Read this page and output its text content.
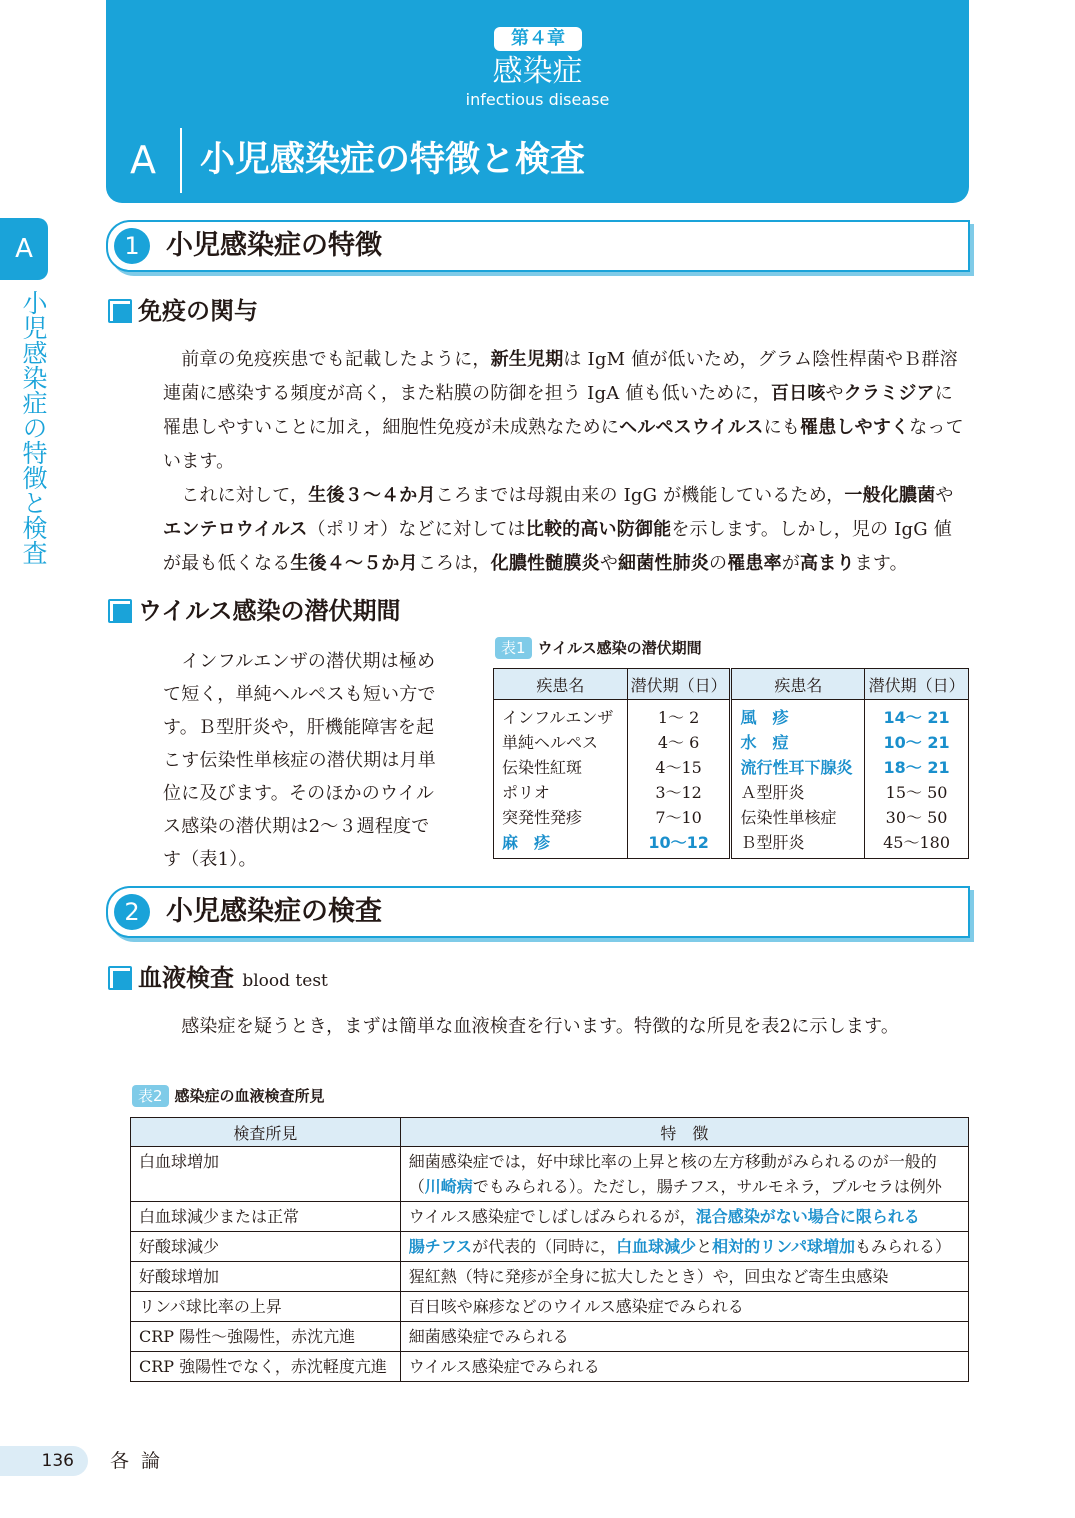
第４章
感染症
infectious disease
A	小児感染症の特徴と検査
A
小児感染症の特徴と検査
1 小児感染症の特徴
免疫の関与
　前章の免疫疾患でも記載したように，新生児期は IgM 値が低いため，グラム陰性桿菌やＢ群溶連菌に感染する頻度が高く，また粘膜の防御を担う IgA 値も低いために，百日咳やクラミジアに罹患しやすいことに加え，細胞性免疫が未成熟なためにヘルペスウイルスにも罹患しやすくなっています。
　これに対して，生後３～４か月ころまでは母親由来の IgG が機能しているため，一般化膿菌やエンテロウイルス（ポリオ）などに対しては比較的高い防御能を示します。しかし，児の IgG 値が最も低くなる生後４～５か月ころは，化膿性髄膜炎や細菌性肺炎の罹患率が高まります。
ウイルス感染の潜伏期間
　インフルエンザの潜伏期は極めて短く，単純ヘルペスも短い方です。Ｂ型肝炎や，肝機能障害を起こす伝染性単核症の潜伏期は月単位に及びます。そのほかのウイルス感染の潜伏期は2～３週程度です（表1）。
表1 ウイルス感染の潜伏期間
疾患名	潜伏期（日）	疾患名	潜伏期（日）
インフルエンザ	1～ 2	風　疹	14～ 21
単純ヘルペス	4～ 6	水　痘	10～ 21
伝染性紅斑	4～15	流行性耳下腺炎	18～ 21
ポリオ	3～12	Ａ型肝炎	15～ 50
突発性発疹	7～10	伝染性単核症	30～ 50
麻　疹	10～12	Ｂ型肝炎	45～180

2 小児感染症の検査
血液検査 blood test
　感染症を疑うとき，まずは簡単な血液検査を行います。特徴的な所見を表2に示します。
表2 感染症の血液検査所見
検査所見	特　徴
白血球増加	細菌感染症では，好中球比率の上昇と核の左方移動がみられるのが一般的（川崎病でもみられる）。ただし，腸チフス，サルモネラ，ブルセラは例外
白血球減少または正常	ウイルス感染症でしばしばみられるが，混合感染がない場合に限られる
好酸球減少	腸チフスが代表的（同時に，白血球減少と相対的リンパ球増加もみられる）
好酸球増加	猩紅熱（特に発疹が全身に拡大したとき）や，回虫など寄生虫感染
リンパ球比率の上昇	百日咳や麻疹などのウイルス感染症でみられる
CRP 陽性～強陽性，赤沈亢進	細菌感染症でみられる
CRP 強陽性でなく，赤沈軽度亢進	ウイルス感染症でみられる
136	各論
